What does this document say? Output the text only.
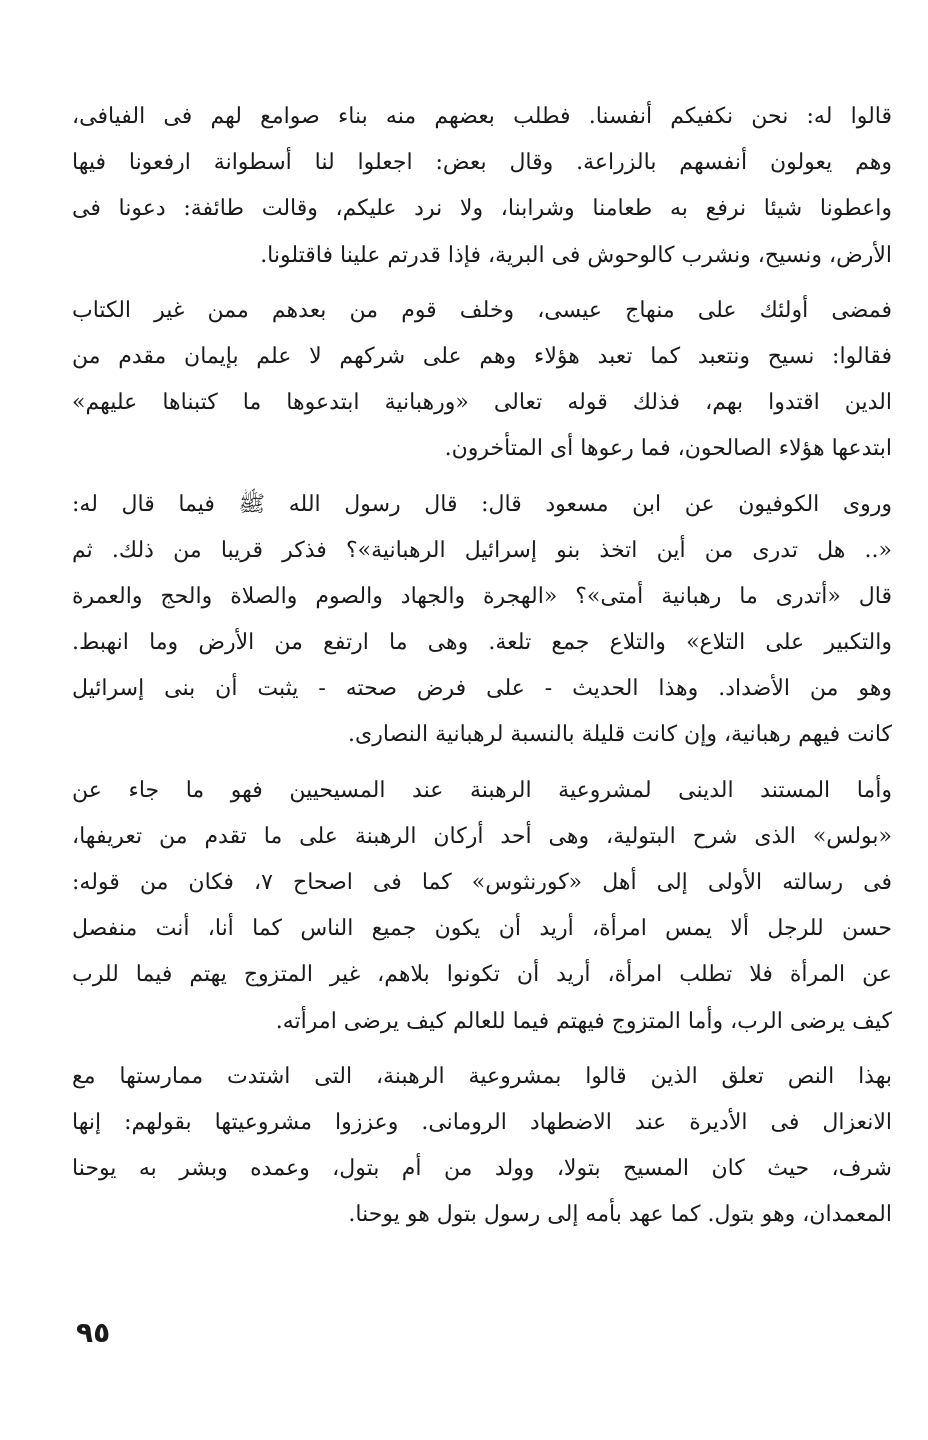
قالوا له: نحن نكفيكم أنفسنا. فطلب بعضهم منه بناء صوامع لهم فى الفيافى،
وهم يعولون أنفسهم بالزراعة. وقال بعض: اجعلوا لنا أسطوانة ارفعونا فيها
واعطونا شيئا نرفع به طعامنا وشرابنا، ولا نرد عليكم، وقالت طائفة: دعونا فى
الأرض، ونسيح، ونشرب كالوحوش فى البرية، فإذا قدرتم علينا فاقتلونا.
فمضى أولئك على منهاج عيسى، وخلف قوم من بعدهم ممن غير الكتاب
فقالوا: نسيح ونتعبد كما تعبد هؤلاء وهم على شركهم لا علم بإيمان مقدم من
الدين اقتدوا بهم، فذلك قوله تعالى «ورهبانية ابتدعوها ما كتبناها عليهم»
ابتدعها هؤلاء الصالحون، فما رعوها أى المتأخرون.
وروى الكوفيون عن ابن مسعود قال: قال رسول الله ﷺ فيما قال له:
«.. هل تدرى من أين اتخذ بنو إسرائيل الرهبانية»؟ فذكر قريبا من ذلك. ثم
قال «أتدرى ما رهبانية أمتى»؟ «الهجرة والجهاد والصوم والصلاة والحج والعمرة
والتكبير على التلاع» والتلاع جمع تلعة. وهى ما ارتفع من الأرض وما انهبط.
وهو من الأضداد. وهذا الحديث - على فرض صحته - يثبت أن بنى إسرائيل
كانت فيهم رهبانية، وإن كانت قليلة بالنسبة لرهبانية النصارى.
وأما المستند الدينى لمشروعية الرهبنة عند المسيحيين فهو ما جاء عن
«بولس» الذى شرح البتولية، وهى أحد أركان الرهبنة على ما تقدم من تعريفها،
فى رسالته الأولى إلى أهل «كورنثوس» كما فى اصحاح ٧، فكان من قوله:
حسن للرجل ألا يمس امرأة، أريد أن يكون جميع الناس كما أنا، أنت منفصل
عن المرأة فلا تطلب امرأة، أريد أن تكونوا بلاهم، غير المتزوج يهتم فيما للرب
كيف يرضى الرب، وأما المتزوج فيهتم فيما للعالم كيف يرضى امرأته.
بهذا النص تعلق الذين قالوا بمشروعية الرهبنة، التى اشتدت ممارستها مع
الانعزال فى الأديرة عند الاضطهاد الرومانى. وعززوا مشروعيتها بقولهم: إنها
شرف، حيث كان المسيح بتولا، وولد من أم بتول، وعمده وبشر به يوحنا
المعمدان، وهو بتول. كما عهد بأمه إلى رسول بتول هو يوحنا.
٩٥
